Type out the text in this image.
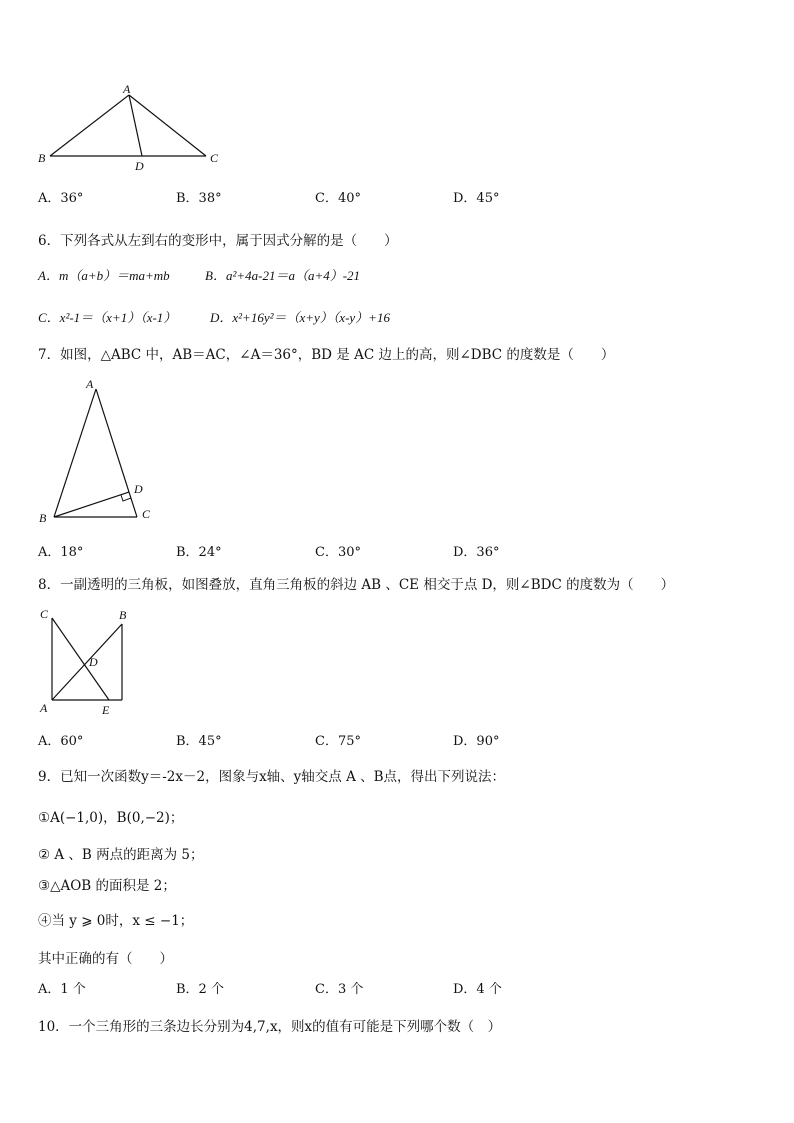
A
B
D
C
A．36°	B．38°	C．40°	D．45°
6．下列各式从左到右的变形中，属于因式分解的是（　　）
A．m（a+b）＝ma+mb	B．a²+4a-21＝a（a+4）-21
C．x²-1＝（x+1）（x-1）	D．x²+16y²＝（x+y）（x-y）+16
7．如图，△ABC 中，AB＝AC，∠A＝36°，BD 是 AC 边上的高，则∠DBC 的度数是（　　）
A
B	C
D
A．18°	B．24°	C．30°	D．36°
8．一副透明的三角板，如图叠放，直角三角板的斜边 AB 、CE 相交于点 D，则∠BDC 的度数为（　　）
C	B
D
A	E
A．60°	B．45°	C．75°	D．90°
9．已知一次函数y＝-2x－2，图象与x轴、y轴交点 A 、B点，得出下列说法：
①A(−1,0)，B(0,−2)；
② A 、B 两点的距离为 5；
③△AOB 的面积是 2；
④当 y ⩾ 0时，x ≤ −1；
其中正确的有（　　）
A．1 个	B．2 个	C．3 个	D．4 个
10．一个三角形的三条边长分别为4,7,x，则x的值有可能是下列哪个数（　）
